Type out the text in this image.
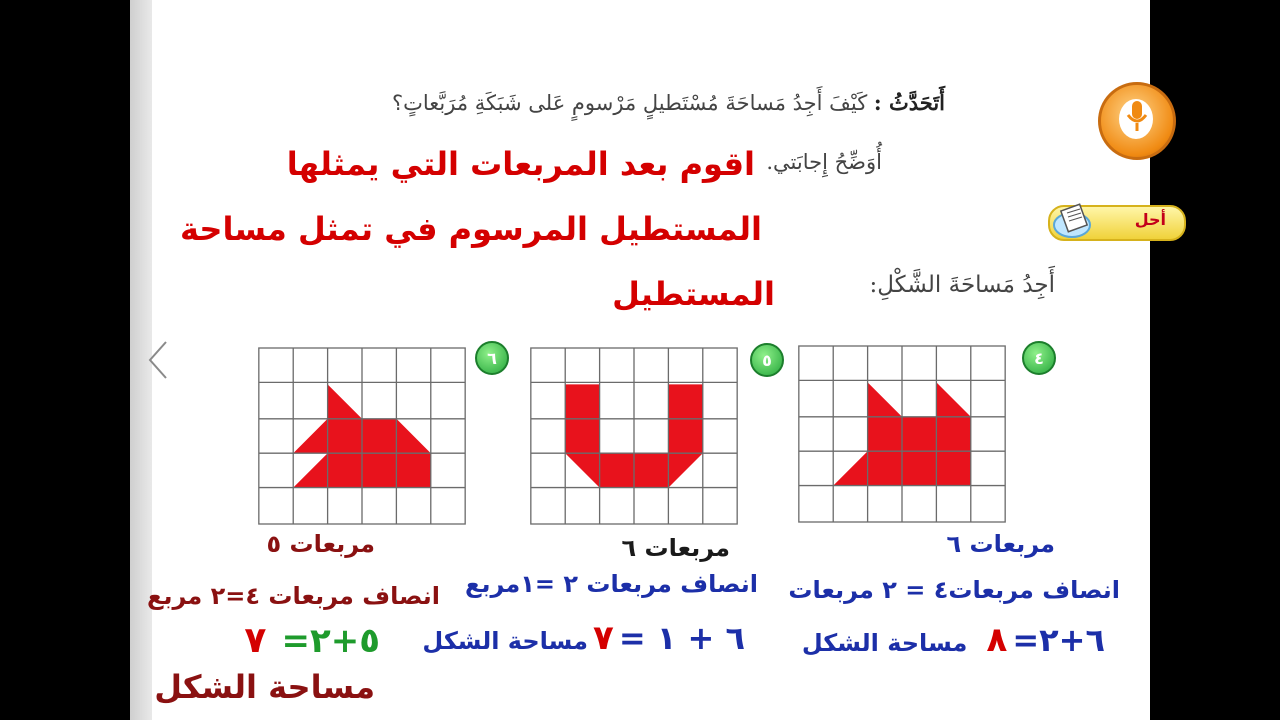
أَتَحَدَّثُ : كَيْفَ أَجِدُ مَساحَةَ مُسْتَطيلٍ مَرْسومٍ عَلى شَبَكَةِ مُرَبَّعاتٍ؟
أُوَضِّحُ إِجابَتي.
اقوم بعد المربعات التي يمثلها
المستطيل المرسوم في تمثل مساحة
المستطيل
أحل
أَجِدُ مَساحَةَ الشَّكْلِ:
٤
٥
٦
مربعات ٦
انصاف مربعات٤ = ٢ مربعات
٦+٢= ٨ مساحة الشكل
مربعات ٦
انصاف مربعات ٢ =١مربع
٦ + ١ = ٧ مساحة الشكل
مربعات ٥
انصاف مربعات ٤=٢ مربع
٥+٢= ٧
مساحة الشكل
